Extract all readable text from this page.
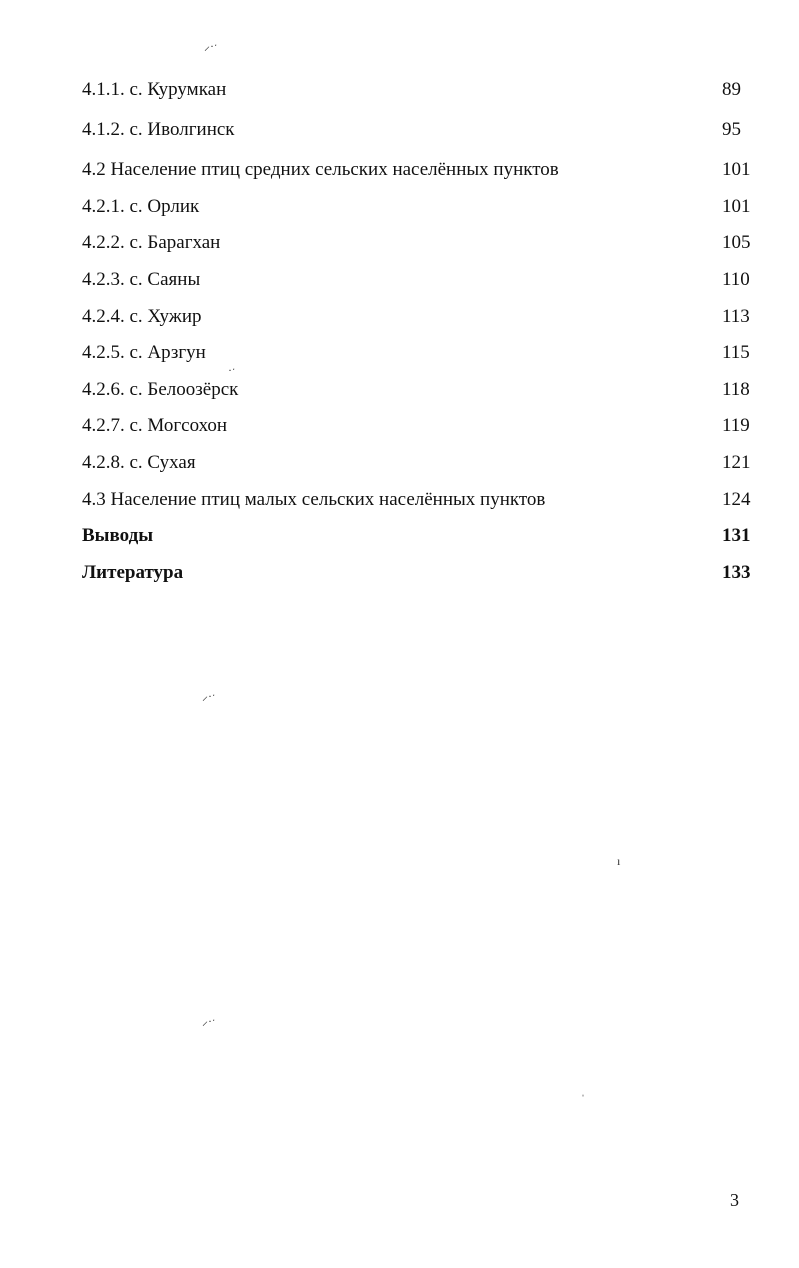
4.1.1. с. Курумкан	89
4.1.2. с. Иволгинск	95
4.2 Население птиц средних сельских населённых пунктов	101
4.2.1. с. Орлик	101
4.2.2. с. Барагхан	105
4.2.3. с. Саяны	110
4.2.4. с. Хужир	113
4.2.5. с. Арзгун	115
4.2.6. с. Белоозёрск	118
4.2.7. с. Могсохон	119
4.2.8. с. Сухая	121
4.3 Население птиц малых сельских населённых пунктов	124
Выводы	131
Литература	133
⸝·ˑ
·ˑ
⸝·ˑ
ı
⸝·ˑ
ˌ
3
